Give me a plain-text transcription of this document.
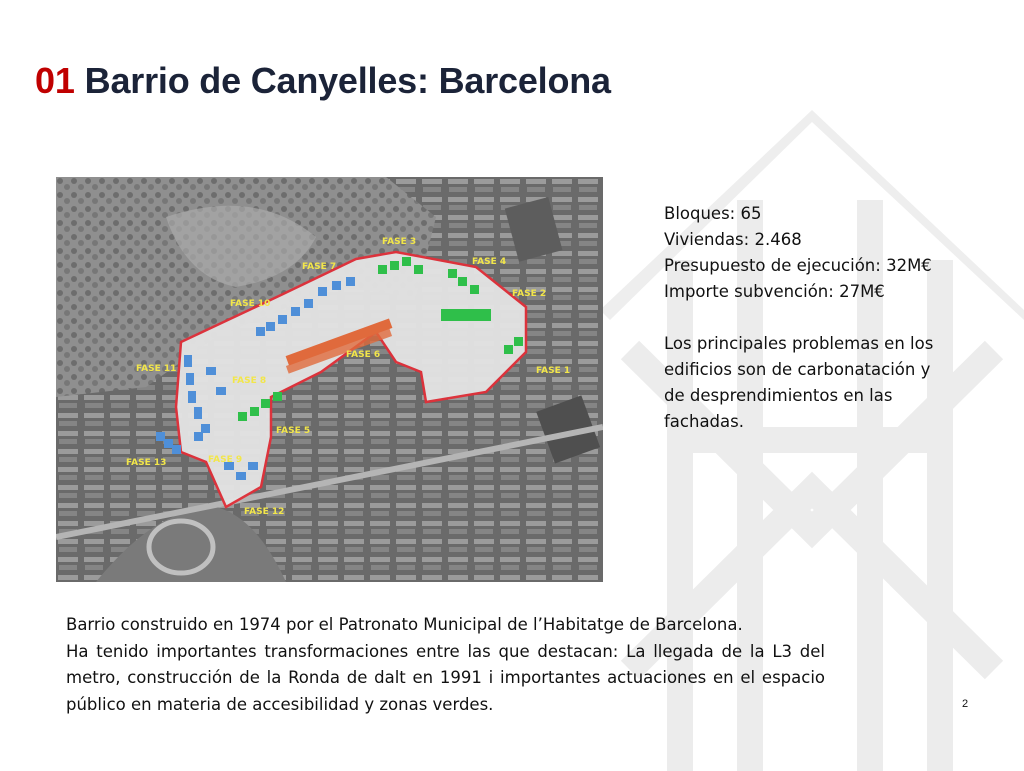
01 Barrio de Canyelles: Barcelona
FASE 1
FASE 2
FASE 3
FASE 4
FASE 5
FASE 6
FASE 7
FASE 8
FASE 9
FASE 10
FASE 11
FASE 12
FASE 13
Bloques: 65
Viviendas: 2.468
Presupuesto de ejecución: 32M€
Importe subvención: 27M€
Los principales problemas en los edificios son de carbonatación y de desprendimientos en las fachadas.
Barrio construido en 1974 por el Patronato Municipal de l’Habitatge de Barcelona.
Ha tenido importantes transformaciones entre las que destacan: La llegada de la L3 del metro, construcción de la Ronda de dalt en 1991 i importantes actuaciones en el espacio público en materia de accesibilidad y zonas verdes.	2
